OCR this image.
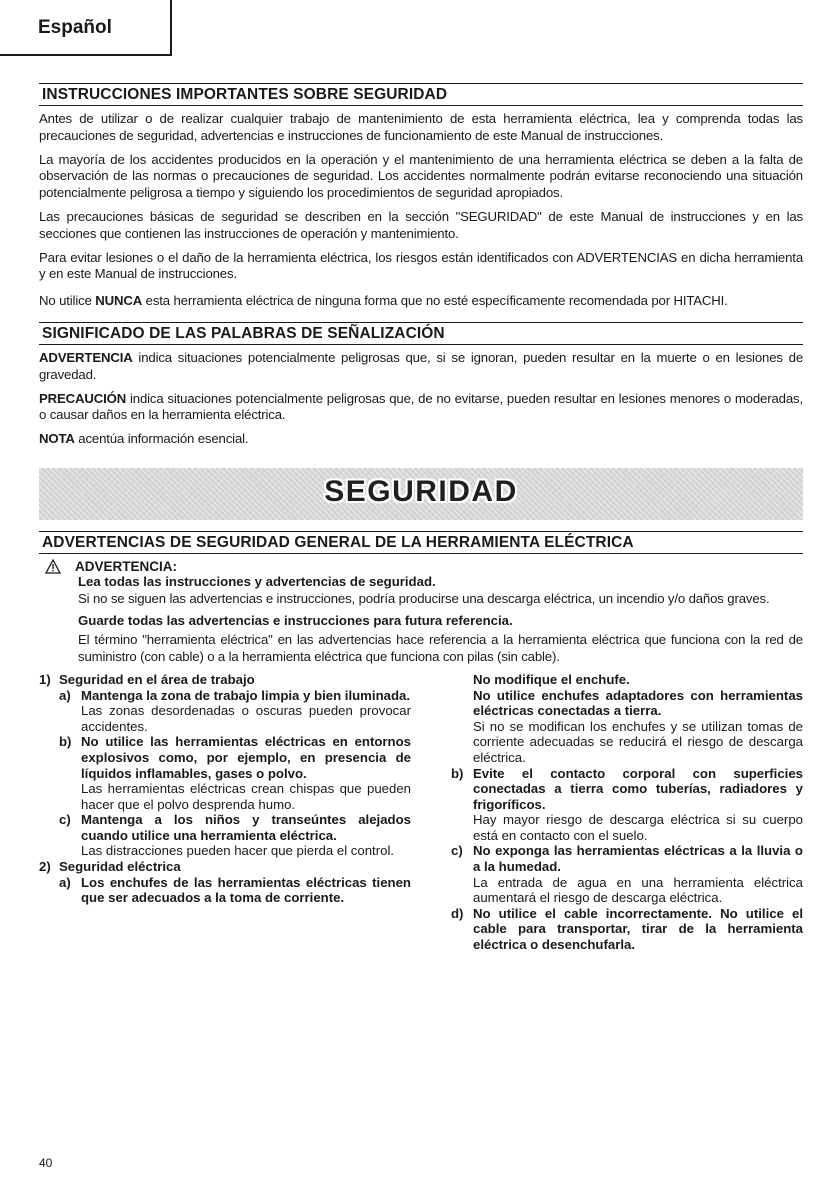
Español
INSTRUCCIONES IMPORTANTES SOBRE SEGURIDAD

Antes de utilizar o de realizar cualquier trabajo de mantenimiento de esta herramienta eléctrica, lea y comprenda todas las precauciones de seguridad, advertencias e instrucciones de funcionamiento de este Manual de instrucciones.

La mayoría de los accidentes producidos en la operación y el mantenimiento de una herramienta eléctrica se deben a la falta de observación de las normas o precauciones de seguridad. Los accidentes normalmente podrán evitarse reconociendo una situación potencialmente peligrosa a tiempo y siguiendo los procedimientos de seguridad apropiados.

Las precauciones básicas de seguridad se describen en la sección "SEGURIDAD" de este Manual de instrucciones y en las secciones que contienen las instrucciones de operación y mantenimiento.

Para evitar lesiones o el daño de la herramienta eléctrica, los riesgos están identificados con ADVERTENCIAS en dicha herramienta y en este Manual de instrucciones.

No utilice NUNCA esta herramienta eléctrica de ninguna forma que no esté específicamente recomendada por HITACHI.

SIGNIFICADO DE LAS PALABRAS DE SEÑALIZACIÓN

ADVERTENCIA indica situaciones potencialmente peligrosas que, si se ignoran, pueden resultar en la muerte o en lesiones de gravedad.

PRECAUCIÓN indica situaciones potencialmente peligrosas que, de no evitarse, pueden resultar en lesiones menores o moderadas, o causar daños en la herramienta eléctrica.

NOTA acentúa información esencial.

SEGURIDAD
ADVERTENCIAS DE SEGURIDAD GENERAL DE LA HERRAMIENTA ELÉCTRICA
ADVERTENCIA:
Lea todas las instrucciones y advertencias de seguridad.

Si no se siguen las advertencias e instrucciones, podría producirse una descarga eléctrica, un incendio y/o daños graves.

Guarde todas las advertencias e instrucciones para futura referencia.

El término "herramienta eléctrica" en las advertencias hace referencia a la herramienta eléctrica que funciona con la red de suministro (con cable) o a la herramienta eléctrica que funciona con pilas (sin cable).

1) Seguridad en el área de trabajo
a) Mantenga la zona de trabajo limpia y bien iluminada.
Las zonas desordenadas o oscuras pueden provocar accidentes.
b) No utilice las herramientas eléctricas en entornos explosivos como, por ejemplo, en presencia de líquidos inflamables, gases o polvo.
Las herramientas eléctricas crean chispas que pueden hacer que el polvo desprenda humo.
c) Mantenga a los niños y transeúntes alejados cuando utilice una herramienta eléctrica.
Las distracciones pueden hacer que pierda el control.
2) Seguridad eléctrica
a) Los enchufes de las herramientas eléctricas tienen que ser adecuados a la toma de corriente.
No modifique el enchufe.
No utilice enchufes adaptadores con herramientas eléctricas conectadas a tierra.
Si no se modifican los enchufes y se utilizan tomas de corriente adecuadas se reducirá el riesgo de descarga eléctrica.
b) Evite el contacto corporal con superficies conectadas a tierra como tuberías, radiadores y frigoríficos.
Hay mayor riesgo de descarga eléctrica si su cuerpo está en contacto con el suelo.
c) No exponga las herramientas eléctricas a la lluvia o a la humedad.
La entrada de agua en una herramienta eléctrica aumentará el riesgo de descarga eléctrica.
d) No utilice el cable incorrectamente. No utilice el cable para transportar, tirar de la herramienta eléctrica o desenchufarla.
40
